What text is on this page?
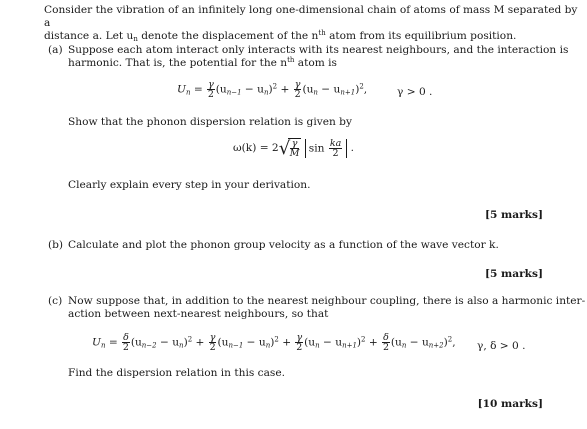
Consider the vibration of an infinitely long one-dimensional chain of atoms of mass M separated by a
distance a. Let $u_n$ denote the displacement of the $n^{th}$ atom from its equilibrium position.
(a) Suppose each atom interact only interacts with its nearest neighbours, and the interaction is
harmonic. That is, the potential for the $n^{th}$ atom is
$U_n = \frac{\gamma}{2} (u_{n-1} - u_n)^2 + \frac{\gamma}{2} (u_n - u_{n+1})^2$,	γ > 0 .
Show that the phonon dispersion relation is given by
ω(k) = 2 √ $\frac{\gamma}{M}$ $\sin \frac{ka}{2}$ .
Clearly explain every step in your derivation.
[5 marks]
(b) Calculate and plot the phonon group velocity as a function of the wave vector k.
[5 marks]
(c) Now suppose that, in addition to the nearest neighbour coupling, there is also a harmonic inter-
action between next-nearest neighbours, so that
$U_n = \frac{\delta}{2} (u_{n-2} - u_n)^2 + \frac{\gamma}{2} (u_{n-1} - u_n)^2 + \frac{\gamma}{2} (u_n - u_{n+1})^2 + \frac{\delta}{2} (u_n - u_{n+2})^2$, γ, δ > 0 .
Find the dispersion relation in this case.
[10 marks]
